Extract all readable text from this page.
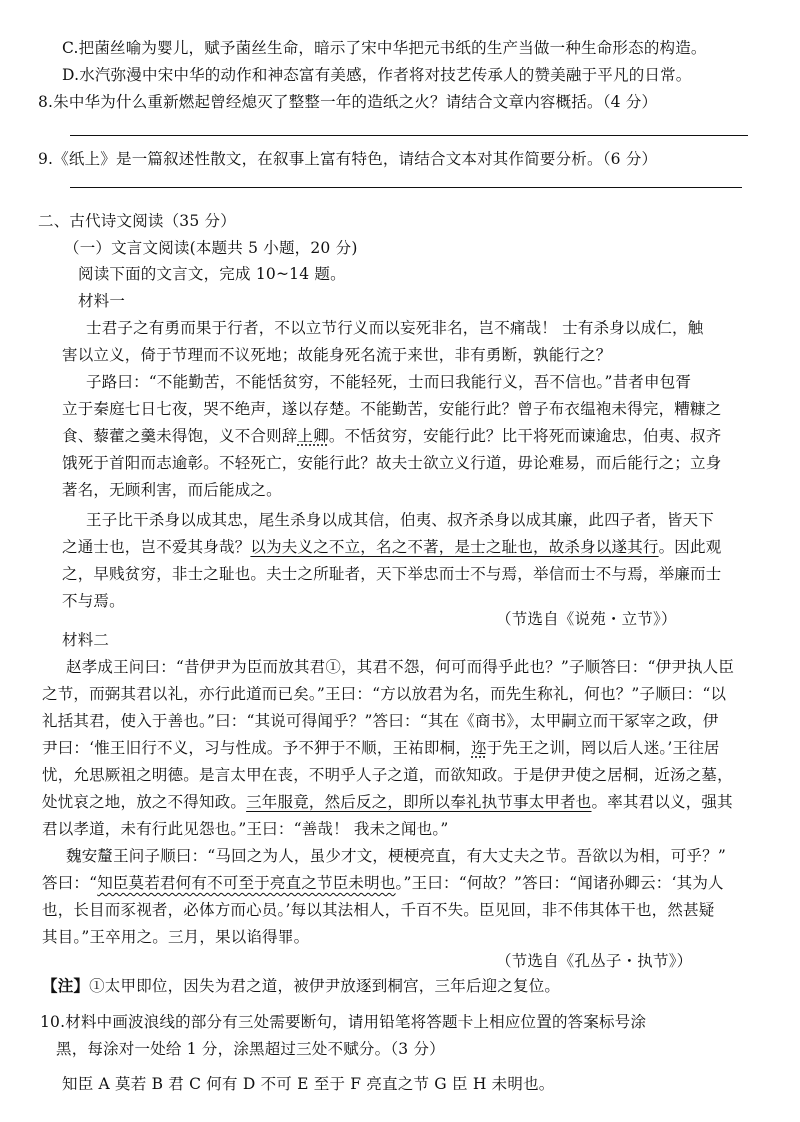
C.把菌丝喻为婴儿，赋予菌丝生命，暗示了宋中华把元书纸的生产当做一种生命形态的构造。
D.水汽弥漫中宋中华的动作和神态富有美感，作者将对技艺传承人的赞美融于平凡的日常。
8.朱中华为什么重新燃起曾经熄灭了整整一年的造纸之火？请结合文章内容概括。（4 分）
9.《纸上》是一篇叙述性散文，在叙事上富有特色，请结合文本对其作简要分析。（6 分）
二、古代诗文阅读（35 分）
（一）文言文阅读(本题共 5 小题，20 分)
阅读下面的文言文，完成 10~14 题。
材料一
士君子之有勇而果于行者，不以立节行义而以妄死非名，岂不痛哉！ 士有杀身以成仁，触
害以立义，倚于节理而不议死地；故能身死名流于来世，非有勇断，孰能行之？
子路曰：“不能勤苦，不能恬贫穷，不能轻死，士而曰我能行义，吾不信也。”昔者申包胥
立于秦庭七日七夜，哭不绝声，遂以存楚。不能勤苦，安能行此？曾子布衣缊袍未得完，糟糠之
食、藜藿之羹未得饱，义不合则辞上卿。不恬贫穷，安能行此？比干将死而谏逾忠，伯夷、叔齐
饿死于首阳而志逾彰。不轻死亡，安能行此？故夫士欲立义行道，毋论难易，而后能行之；立身
著名，无顾利害，而后能成之。
王子比干杀身以成其忠，尾生杀身以成其信，伯夷、叔齐杀身以成其廉，此四子者，皆天下
之通士也，岂不爱其身哉？以为夫义之不立，名之不著，是士之耻也，故杀身以遂其行。因此观
之，早贱贫穷，非士之耻也。夫士之所耻者，天下举忠而士不与焉，举信而士不与焉，举廉而士
不与焉。
（节选自《说苑・立节》）
材料二
赵孝成王问曰：“昔伊尹为臣而放其君①，其君不怨，何可而得乎此也？”子顺答曰：“伊尹执人臣
之节，而弼其君以礼，亦行此道而已矣。”王曰：“方以放君为名，而先生称礼，何也？”子顺曰：“以
礼括其君，使入于善也。”曰：“其说可得闻乎？”答曰：“其在《商书》，太甲嗣立而干冢宰之政，伊
尹曰：‘惟王旧行不义，习与性成。予不狎于不顺，王祐即桐，迩于先王之训，罔以后人迷。’王往居
忧，允思厥祖之明德。是言太甲在丧，不明乎人子之道，而欲知政。于是伊尹使之居桐，近汤之墓，
处忧哀之地，放之不得知政。三年服竟，然后反之，即所以奉礼执节事太甲者也。率其君以义，强其
君以孝道，未有行此见怨也。”王曰：“善哉！ 我未之闻也。”
魏安釐王问子顺曰：“马回之为人，虽少才文，梗梗亮直，有大丈夫之节。吾欲以为相，可乎？”
答曰：“知臣莫若君何有不可至于亮直之节臣未明也。”王曰：“何故？”答曰：“闻诸孙卿云：‘其为人
也，长目而豕视者，必体方而心员。’每以其法相人，千百不失。臣见回，非不伟其体干也，然甚疑
其目。”王卒用之。三月，果以谄得罪。
（节选自《孔丛子・执节》）
【注】①太甲即位，因失为君之道，被伊尹放逐到桐宫，三年后迎之复位。
10.材料中画波浪线的部分有三处需要断句，请用铅笔将答题卡上相应位置的答案标号涂
黑，每涂对一处给 1 分，涂黑超过三处不赋分。（3 分）
知臣 A 莫若 B 君 C 何有 D 不可 E 至于 F 亮直之节 G 臣 H 未明也。
